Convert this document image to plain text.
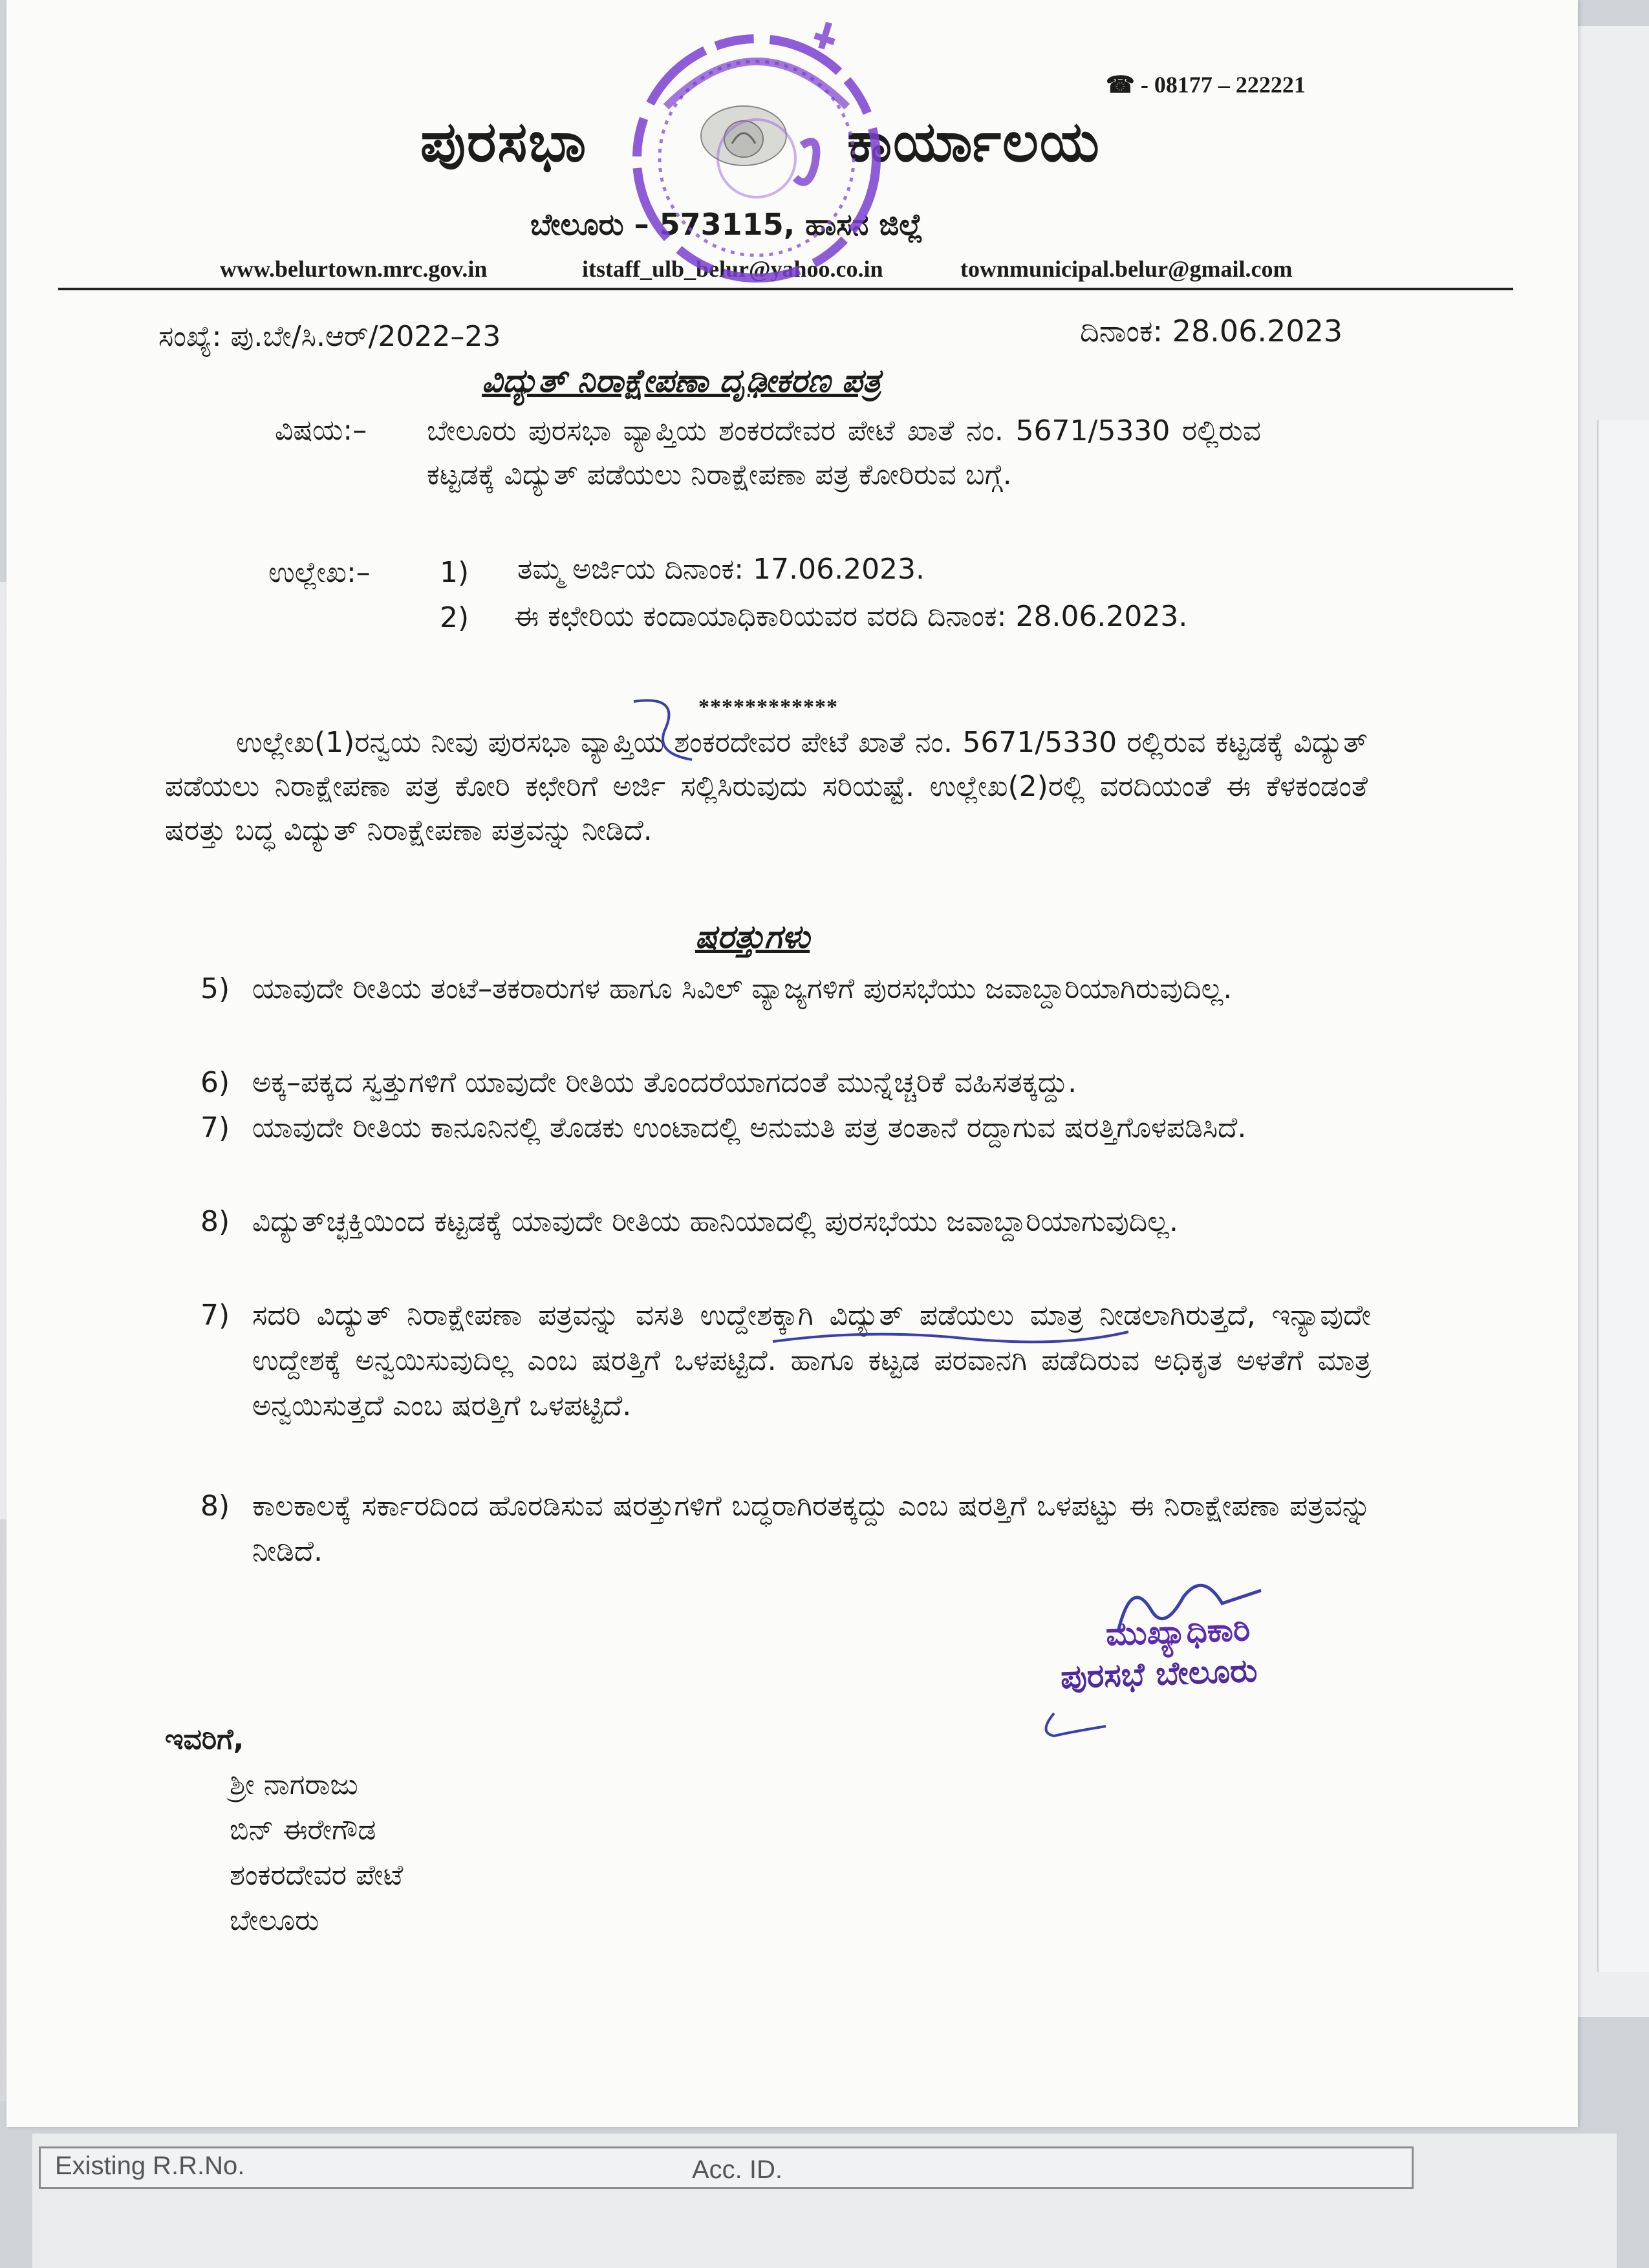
☎ - 08177 – 222221
ಪುರಸಭಾ	ಕಾರ್ಯಾಲಯ
ಬೇಲೂರು – 573115, ಹಾಸನ ಜಿಲ್ಲೆ
www.belurtown.mrc.gov.in	itstaff_ulb_belur@yahoo.co.in	townmunicipal.belur@gmail.com
ಸಂಖ್ಯೆ: ಪು.ಬೇ/ಸಿ.ಆರ್/2022–23	ದಿನಾಂಕ: 28.06.2023
ವಿದ್ಯುತ್ ನಿರಾಕ್ಷೇಪಣಾ ದೃಢೀಕರಣ ಪತ್ರ
ವಿಷಯ:– ಬೇಲೂರು ಪುರಸಭಾ ವ್ಯಾಪ್ತಿಯ ಶಂಕರದೇವರ ಪೇಟೆ ಖಾತೆ ನಂ. 5671/5330 ರಲ್ಲಿರುವ ಕಟ್ಟಡಕ್ಕೆ ವಿದ್ಯುತ್ ಪಡೆಯಲು ನಿರಾಕ್ಷೇಪಣಾ ಪತ್ರ ಕೋರಿರುವ ಬಗ್ಗೆ.
ಉಲ್ಲೇಖ:– 1) ತಮ್ಮ ಅರ್ಜಿಯ ದಿನಾಂಕ: 17.06.2023.
2) ಈ ಕಛೇರಿಯ ಕಂದಾಯಾಧಿಕಾರಿಯವರ ವರದಿ ದಿನಾಂಕ: 28.06.2023.
************
ಉಲ್ಲೇಖ(1)ರನ್ವಯ ನೀವು ಪುರಸಭಾ ವ್ಯಾಪ್ತಿಯ ಶಂಕರದೇವರ ಪೇಟೆ ಖಾತೆ ನಂ. 5671/5330 ರಲ್ಲಿರುವ ಕಟ್ಟಡಕ್ಕೆ ವಿದ್ಯುತ್ ಪಡೆಯಲು ನಿರಾಕ್ಷೇಪಣಾ ಪತ್ರ ಕೋರಿ ಕಛೇರಿಗೆ ಅರ್ಜಿ ಸಲ್ಲಿಸಿರುವುದು ಸರಿಯಷ್ಟೆ. ಉಲ್ಲೇಖ(2)ರಲ್ಲಿ ವರದಿಯಂತೆ ಈ ಕೆಳಕಂಡಂತೆ ಷರತ್ತು ಬದ್ಧ ವಿದ್ಯುತ್ ನಿರಾಕ್ಷೇಪಣಾ ಪತ್ರವನ್ನು ನೀಡಿದೆ.
ಷರತ್ತುಗಳು
5) ಯಾವುದೇ ರೀತಿಯ ತಂಟೆ–ತಕರಾರುಗಳ ಹಾಗೂ ಸಿವಿಲ್ ವ್ಯಾಜ್ಯಗಳಿಗೆ ಪುರಸಭೆಯು ಜವಾಬ್ದಾರಿಯಾಗಿರುವುದಿಲ್ಲ.
6) ಅಕ್ಕ–ಪಕ್ಕದ ಸ್ವತ್ತುಗಳಿಗೆ ಯಾವುದೇ ರೀತಿಯ ತೊಂದರೆಯಾಗದಂತೆ ಮುನ್ನೆಚ್ಚರಿಕೆ ವಹಿಸತಕ್ಕದ್ದು.
7) ಯಾವುದೇ ರೀತಿಯ ಕಾನೂನಿನಲ್ಲಿ ತೊಡಕು ಉಂಟಾದಲ್ಲಿ ಅನುಮತಿ ಪತ್ರ ತಂತಾನೆ ರದ್ದಾಗುವ ಷರತ್ತಿಗೊಳಪಡಿಸಿದೆ.
8) ವಿದ್ಯುತ್‌ಚ್ಛಕ್ತಿಯಿಂದ ಕಟ್ಟಡಕ್ಕೆ ಯಾವುದೇ ರೀತಿಯ ಹಾನಿಯಾದಲ್ಲಿ ಪುರಸಭೆಯು ಜವಾಬ್ದಾರಿಯಾಗುವುದಿಲ್ಲ.
7) ಸದರಿ ವಿದ್ಯುತ್ ನಿರಾಕ್ಷೇಪಣಾ ಪತ್ರವನ್ನು ವಸತಿ ಉದ್ದೇಶಕ್ಕಾಗಿ ವಿದ್ಯುತ್ ಪಡೆಯಲು ಮಾತ್ರ ನೀಡಲಾಗಿರುತ್ತದೆ, ಇನ್ಯಾವುದೇ ಉದ್ದೇಶಕ್ಕೆ ಅನ್ವಯಿಸುವುದಿಲ್ಲ ಎಂಬ ಷರತ್ತಿಗೆ ಒಳಪಟ್ಟಿದೆ. ಹಾಗೂ ಕಟ್ಟಡ ಪರವಾನಗಿ ಪಡೆದಿರುವ ಅಧಿಕೃತ ಅಳತೆಗೆ ಮಾತ್ರ ಅನ್ವಯಿಸುತ್ತದೆ ಎಂಬ ಷರತ್ತಿಗೆ ಒಳಪಟ್ಟಿದೆ.
8) ಕಾಲಕಾಲಕ್ಕೆ ಸರ್ಕಾರದಿಂದ ಹೊರಡಿಸುವ ಷರತ್ತುಗಳಿಗೆ ಬದ್ಧರಾಗಿರತಕ್ಕದ್ದು ಎಂಬ ಷರತ್ತಿಗೆ ಒಳಪಟ್ಟು ಈ ನಿರಾಕ್ಷೇಪಣಾ ಪತ್ರವನ್ನು ನೀಡಿದೆ.
ಮುಖ್ಯಾಧಿಕಾರಿ
ಪುರಸಭೆ ಬೇಲೂರು
ಇವರಿಗೆ,
ಶ್ರೀ ನಾಗರಾಜು
ಬಿನ್ ಈರೇಗೌಡ
ಶಂಕರದೇವರ ಪೇಟೆ
ಬೇಲೂರು
Existing R.R.No.	Acc. ID.
